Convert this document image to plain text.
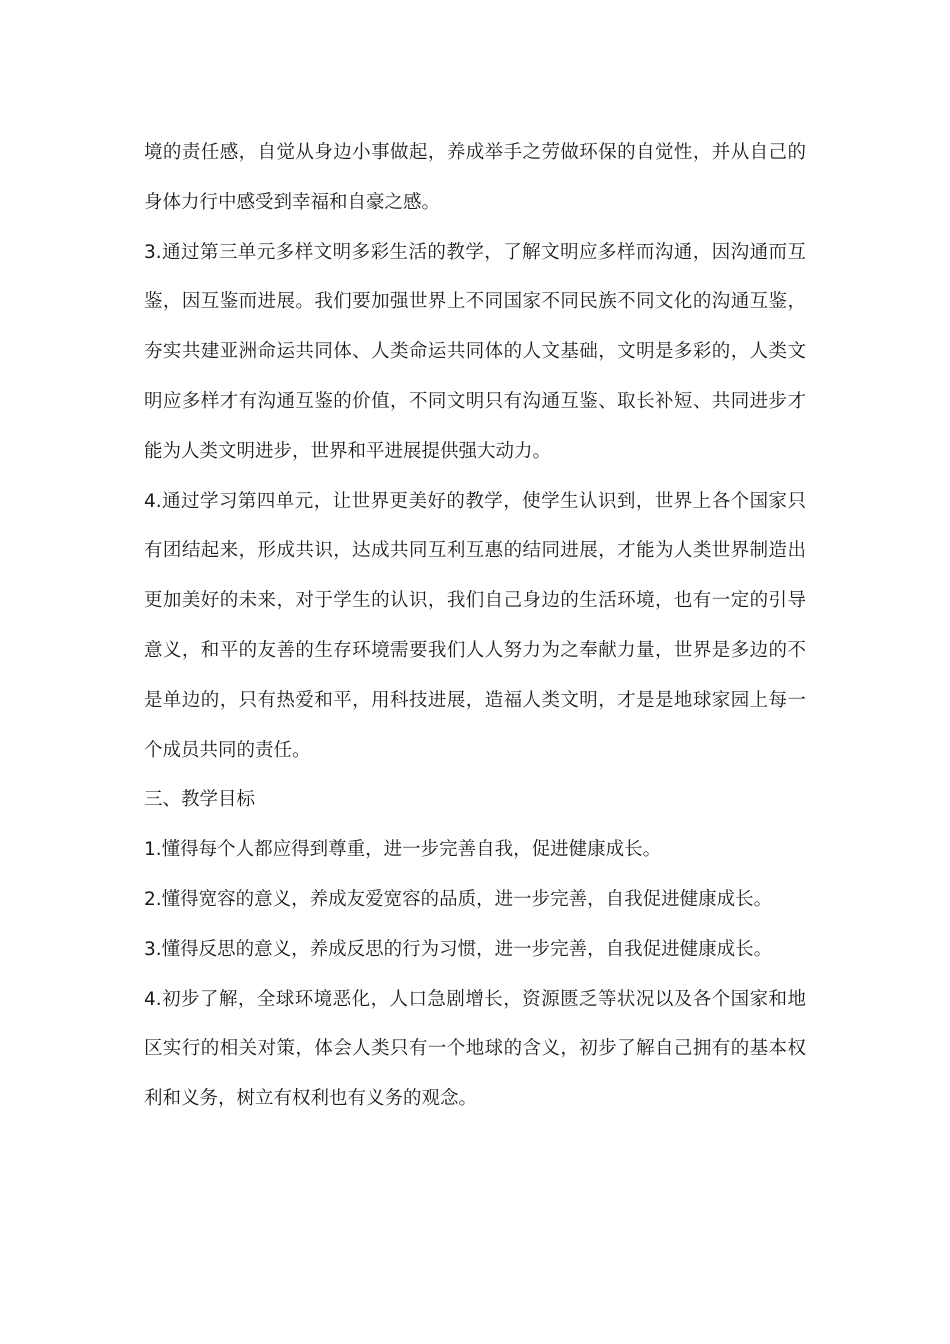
境的责任感，自觉从身边小事做起，养成举手之劳做环保的自觉性，并从自己的身体力行中感受到幸福和自豪之感。

3.通过第三单元多样文明多彩生活的教学，了解文明应多样而沟通，因沟通而互鉴，因互鉴而进展。我们要加强世界上不同国家不同民族不同文化的沟通互鉴，夯实共建亚洲命运共同体、人类命运共同体的人文基础，文明是多彩的，人类文明应多样才有沟通互鉴的价值，不同文明只有沟通互鉴、取长补短、共同进步才能为人类文明进步，世界和平进展提供强大动力。

4.通过学习第四单元，让世界更美好的教学，使学生认识到，世界上各个国家只有团结起来，形成共识，达成共同互利互惠的结同进展，才能为人类世界制造出更加美好的未来，对于学生的认识，我们自己身边的生活环境，也有一定的引导意义，和平的友善的生存环境需要我们人人努力为之奉献力量，世界是多边的不是单边的，只有热爱和平，用科技进展，造福人类文明，才是是地球家园上每一个成员共同的责任。

三、教学目标

1.懂得每个人都应得到尊重，进一步完善自我，促进健康成长。

2.懂得宽容的意义，养成友爱宽容的品质，进一步完善，自我促进健康成长。

3.懂得反思的意义，养成反思的行为习惯，进一步完善，自我促进健康成长。

4.初步了解，全球环境恶化，人口急剧增长，资源匮乏等状况以及各个国家和地区实行的相关对策，体会人类只有一个地球的含义，初步了解自己拥有的基本权利和义务，树立有权利也有义务的观念。
